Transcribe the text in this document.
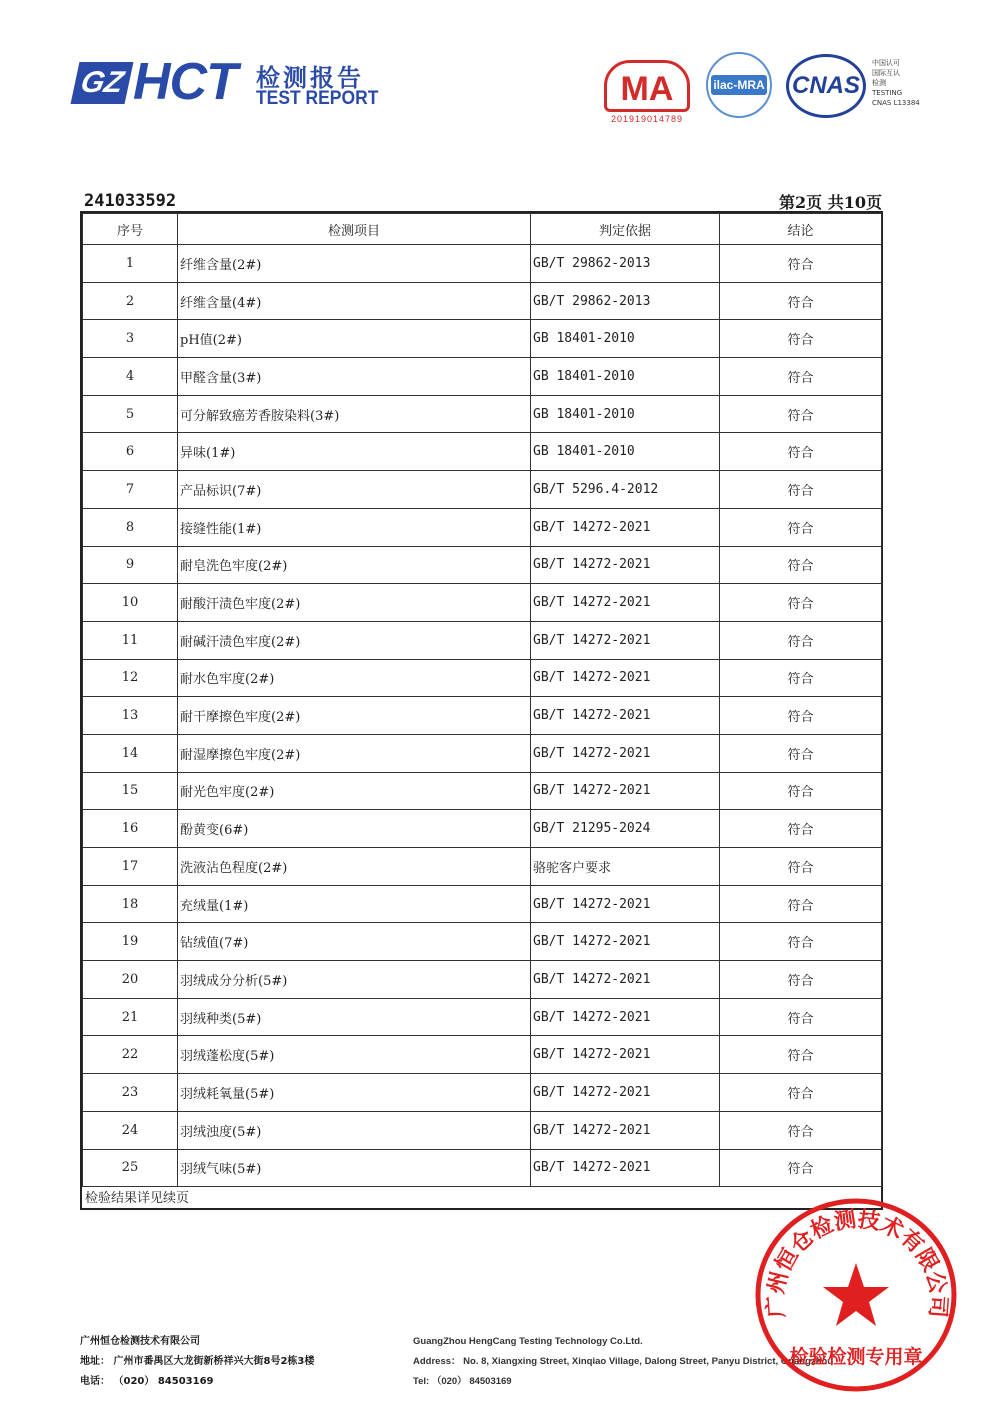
GZ HCT 检测报告
TEST REPORT	MA
201919014789
ilac-MRA CNAS
中国认可
国际互认
检测
TESTING
CNAS L13384
241033592	第2页 共10页
序号	检测项目	判定依据	结论
1	纤维含量(2#)	GB/T 29862-2013	符合
2	纤维含量(4#)	GB/T 29862-2013	符合
3	pH值(2#)	GB 18401-2010	符合
4	甲醛含量(3#)	GB 18401-2010	符合
5	可分解致癌芳香胺染料(3#)	GB 18401-2010	符合
6	异味(1#)	GB 18401-2010	符合
7	产品标识(7#)	GB/T 5296.4-2012	符合
8	接缝性能(1#)	GB/T 14272-2021	符合
9	耐皂洗色牢度(2#)	GB/T 14272-2021	符合
10	耐酸汗渍色牢度(2#)	GB/T 14272-2021	符合
11	耐碱汗渍色牢度(2#)	GB/T 14272-2021	符合
12	耐水色牢度(2#)	GB/T 14272-2021	符合
13	耐干摩擦色牢度(2#)	GB/T 14272-2021	符合
14	耐湿摩擦色牢度(2#)	GB/T 14272-2021	符合
15	耐光色牢度(2#)	GB/T 14272-2021	符合
16	酚黄变(6#)	GB/T 21295-2024	符合
17	洗液沾色程度(2#)	骆驼客户要求	符合
18	充绒量(1#)	GB/T 14272-2021	符合
19	钻绒值(7#)	GB/T 14272-2021	符合
20	羽绒成分分析(5#)	GB/T 14272-2021	符合
21	羽绒种类(5#)	GB/T 14272-2021	符合
22	羽绒蓬松度(5#)	GB/T 14272-2021	符合
23	羽绒耗氧量(5#)	GB/T 14272-2021	符合
24	羽绒浊度(5#)	GB/T 14272-2021	符合
25	羽绒气味(5#)	GB/T 14272-2021	符合
检验结果详见续页
广州恒仓检测技术有限公司
地址： 广州市番禺区大龙街新桥祥兴大街8号2栋3楼
电话： （020） 84503169
GuangZhou HengCang Testing Technology Co.Ltd.
Address： No. 8, Xiangxing Street, Xinqiao Village, Dalong Street, Panyu District, Guangzhou
Tel: （020） 84503169
广州恒仓检测技术有限公司
检验检测专用章
